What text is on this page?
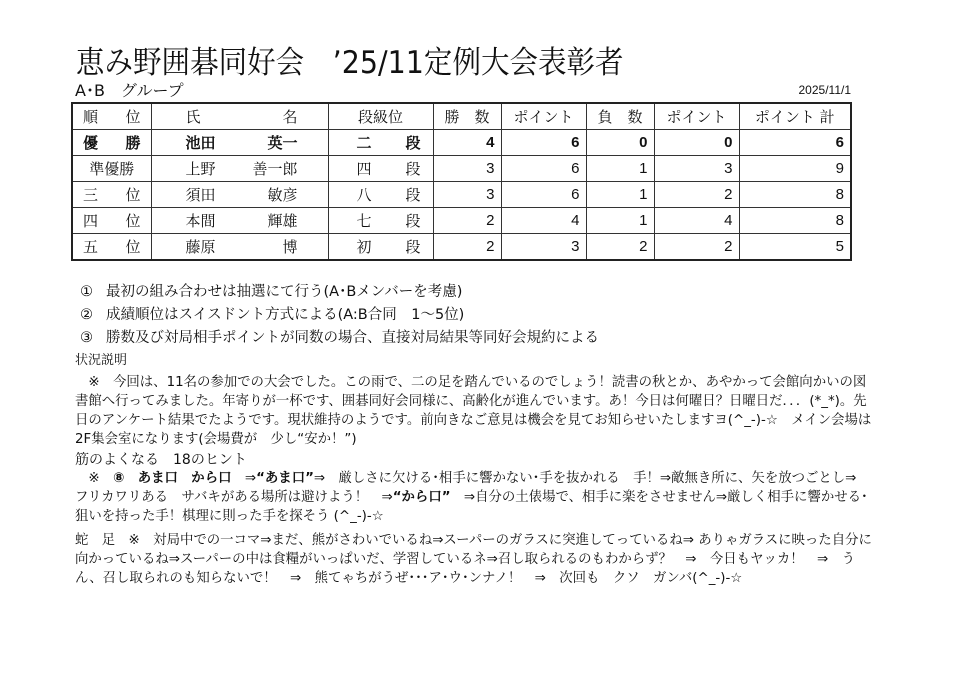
恵み野囲碁同好会　’25/11定例大会表彰者
A･B　グループ	2025/11/1
順 位	氏 名	段級位	勝　数	ポイント	負　数	ポイント	ポイント 計

優 勝	池田 英一	二 段	4	6	0	0	6
準優勝	上野 善一郎	四 段	3	6	1	3	9

三 位	須田 敏彦	八 段	3	6	1	2	8

四 位	本間 輝雄	七 段	2	4	1	4	8

五 位	藤原 博	初 段	2	3	2	2	5
① 最初の組み合わせは抽選にて行う(A･Bメンバーを考慮)
② 成績順位はスイスドント方式による(A:B合同　1～5位)
③ 勝数及び対局相手ポイントが同数の場合、直接対局結果等同好会規約による
状況説明
　※　今回は、11名の参加での大会でした。この雨で、二の足を踏んでいるのでしょう！読書の秋とか、あやかって会館向かいの図書館へ行ってみました。年寄りが一杯です、囲碁同好会同様に、高齢化が進んでいます。あ！今日は何曜日？日曜日だ．．．(*_*)。先日のアンケート結果でたようです。現状維持のようです。前向きなご意見は機会を見てお知らせいたしますヨ(^_-)-☆　メイン会場は2F集会室になります(会場費が　少し“安か！”)
筋のよくなる　18のヒント
　※　⑧　あま口　から口　⇒“あま口”⇒　厳しさに欠ける･相手に響かない･手を抜かれる　手！⇒敵無き所に、矢を放つごとし⇒　フリカワリある　サバキがある場所は避けよう！　⇒“から口”　⇒自分の土俵場で、相手に楽をさせません⇒厳しく相手に響かせる･狙いを持った手！棋理に則った手を探そう (^_-)-☆
蛇　足　※　対局中での一コマ⇒まだ、熊がさわいでいるね⇒スーパーのガラスに突進してっているね⇒ ありゃガラスに映った自分に向かっているね⇒スーパーの中は食糧がいっぱいだ、学習しているネ⇒召し取られるのもわからず？　⇒　今日もヤッカ！　⇒　うん、召し取られのも知らないで！　⇒　熊てゃちがうぜ･･･ア･ウ･ンナノ！　⇒　次回も　クソ　ガンバ(^_-)-☆
